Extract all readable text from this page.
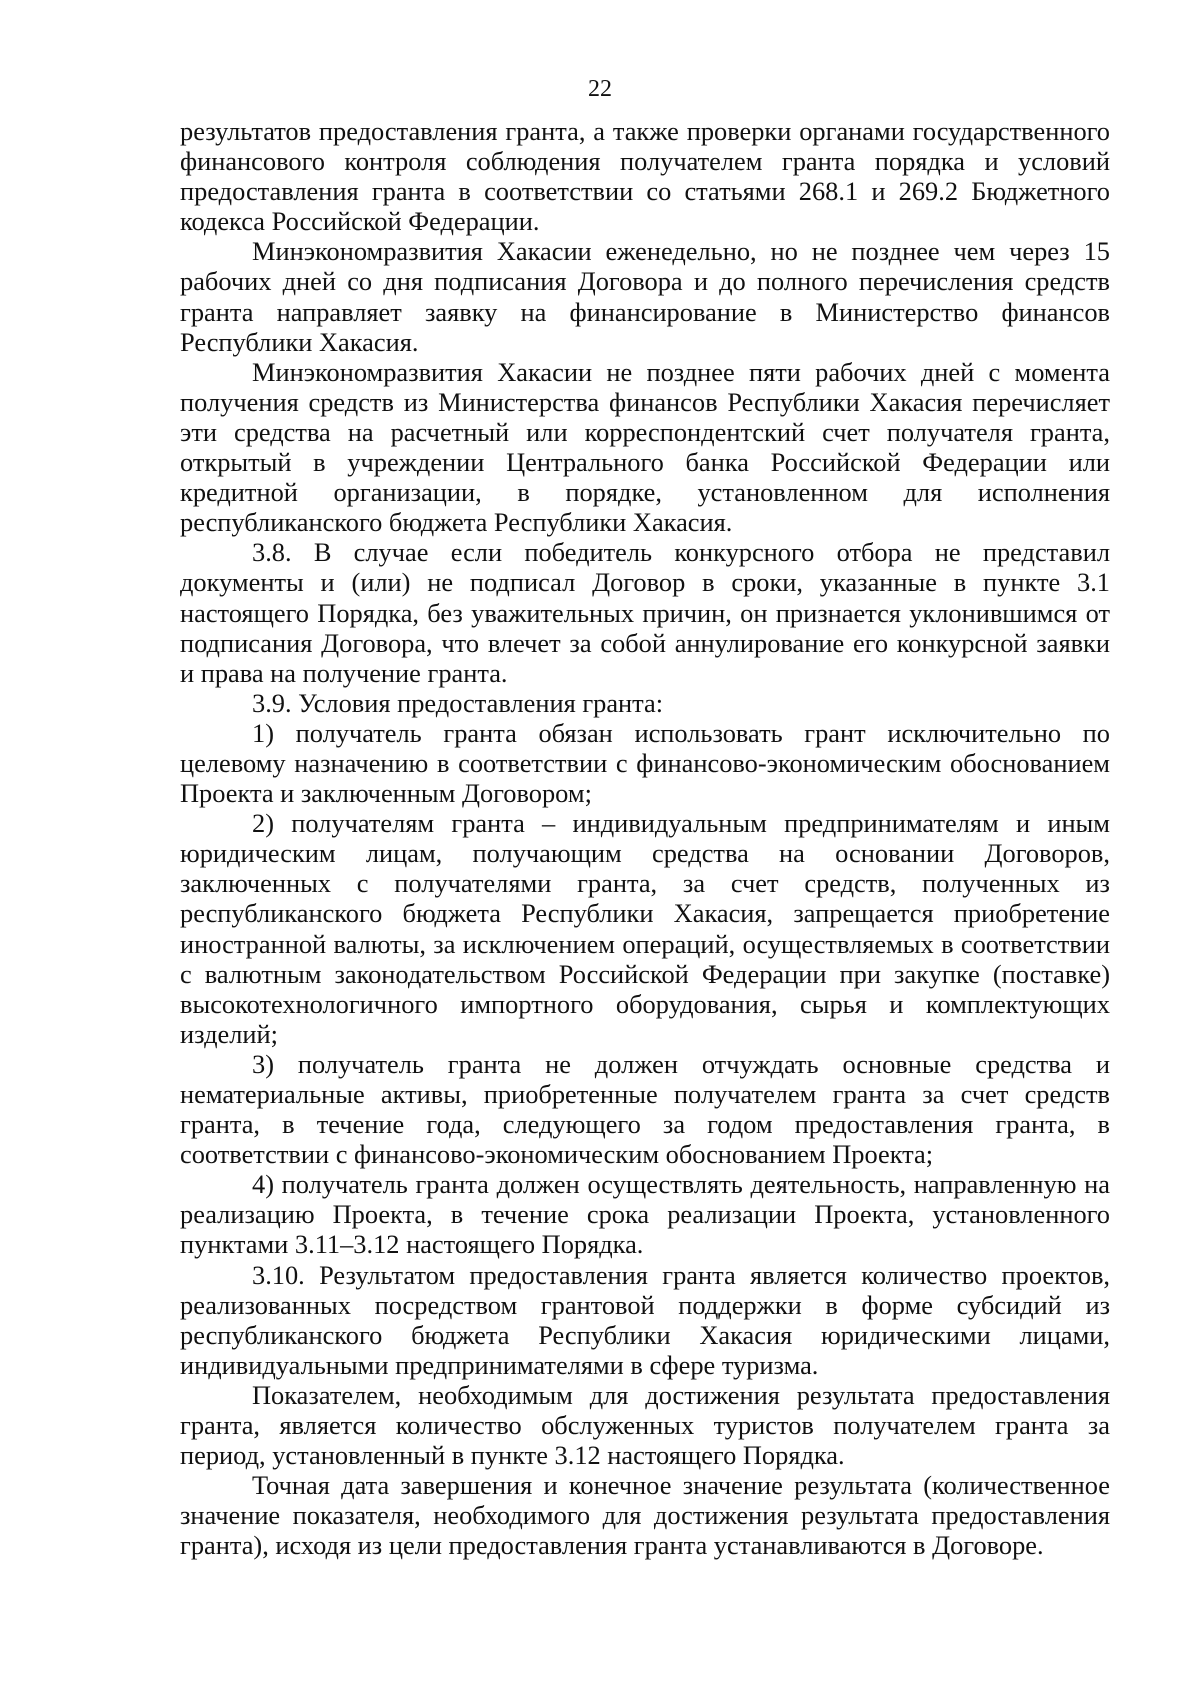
22

результатов предоставления гранта, а также проверки органами государственного финансового контроля соблюдения получателем гранта порядка и условий предоставления гранта в соответствии со статьями 268.1 и 269.2 Бюджетного кодекса Российской Федерации.

Минэкономразвития Хакасии еженедельно, но не позднее чем через 15 рабочих дней со дня подписания Договора и до полного перечисления средств гранта направляет заявку на финансирование в Министерство финансов Республики Хакасия.

Минэкономразвития Хакасии не позднее пяти рабочих дней с момента получения средств из Министерства финансов Республики Хакасия перечисляет эти средства на расчетный или корреспондентский счет получателя гранта, открытый в учреждении Центрального банка Российской Федерации или кредитной организации, в порядке, установленном для исполнения республиканского бюджета Республики Хакасия.

3.8. В случае если победитель конкурсного отбора не представил документы и (или) не подписал Договор в сроки, указанные в пункте 3.1 настоящего Порядка, без уважительных причин, он признается уклонившимся от подписания Договора, что влечет за собой аннулирование его конкурсной заявки и права на получение гранта.

3.9. Условия предоставления гранта:

1) получатель гранта обязан использовать грант исключительно по целевому назначению в соответствии с финансово-экономическим обоснованием Проекта и заключенным Договором;

2) получателям гранта – индивидуальным предпринимателям и иным юридическим лицам, получающим средства на основании Договоров, заключенных с получателями гранта, за счет средств, полученных из республиканского бюджета Республики Хакасия, запрещается приобретение иностранной валюты, за исключением операций, осуществляемых в соответствии с валютным законодательством Российской Федерации при закупке (поставке) высокотехнологичного импортного оборудования, сырья и комплектующих изделий;

3) получатель гранта не должен отчуждать основные средства и нематериальные активы, приобретенные получателем гранта за счет средств гранта, в течение года, следующего за годом предоставления гранта, в соответствии с финансово-экономическим обоснованием Проекта;

4) получатель гранта должен осуществлять деятельность, направленную на реализацию Проекта, в течение срока реализации Проекта, установленного пунктами 3.11–3.12 настоящего Порядка.

3.10. Результатом предоставления гранта является количество проектов, реализованных посредством грантовой поддержки в форме субсидий из республиканского бюджета Республики Хакасия юридическими лицами, индивидуальными предпринимателями в сфере туризма.

Показателем, необходимым для достижения результата предоставления гранта, является количество обслуженных туристов получателем гранта за период, установленный в пункте 3.12 настоящего Порядка.

Точная дата завершения и конечное значение результата (количественное значение показателя, необходимого для достижения результата предоставления гранта), исходя из цели предоставления гранта устанавливаются в Договоре.
